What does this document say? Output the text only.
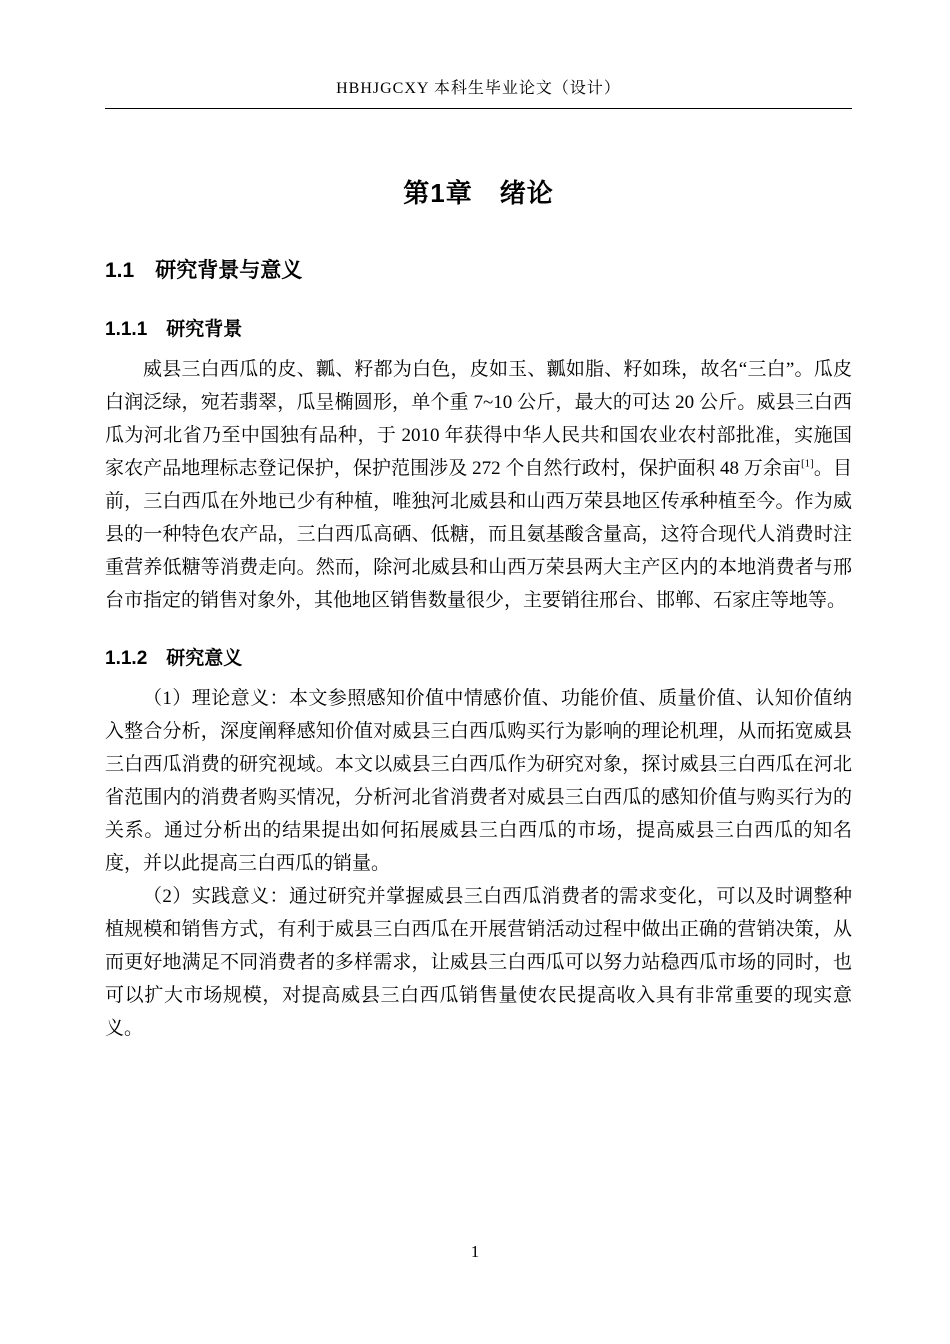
HBHJGCXY 本科生毕业论文（设计）
第1章　绪论
1.1　研究背景与意义
1.1.1　研究背景

威县三白西瓜的皮、瓤、籽都为白色，皮如玉、瓤如脂、籽如珠，故名“三白”。瓜皮白润泛绿，宛若翡翠，瓜呈椭圆形，单个重 7~10 公斤，最大的可达 20 公斤。威县三白西瓜为河北省乃至中国独有品种，于 2010 年获得中华人民共和国农业农村部批准，实施国家农产品地理标志登记保护，保护范围涉及 272 个自然行政村，保护面积 48 万余亩[1]。目前，三白西瓜在外地已少有种植，唯独河北威县和山西万荣县地区传承种植至今。作为威县的一种特色农产品，三白西瓜高硒、低糖，而且氨基酸含量高，这符合现代人消费时注重营养低糖等消费走向。然而，除河北威县和山西万荣县两大主产区内的本地消费者与邢台市指定的销售对象外，其他地区销售数量很少，主要销往邢台、邯郸、石家庄等地等。

1.1.2　研究意义

（1）理论意义：本文参照感知价值中情感价值、功能价值、质量价值、认知价值纳入整合分析，深度阐释感知价值对威县三白西瓜购买行为影响的理论机理，从而拓宽威县三白西瓜消费的研究视域。本文以威县三白西瓜作为研究对象，探讨威县三白西瓜在河北省范围内的消费者购买情况，分析河北省消费者对威县三白西瓜的感知价值与购买行为的关系。通过分析出的结果提出如何拓展威县三白西瓜的市场，提高威县三白西瓜的知名度，并以此提高三白西瓜的销量。

（2）实践意义：通过研究并掌握威县三白西瓜消费者的需求变化，可以及时调整种植规模和销售方式，有利于威县三白西瓜在开展营销活动过程中做出正确的营销决策，从而更好地满足不同消费者的多样需求，让威县三白西瓜可以努力站稳西瓜市场的同时，也可以扩大市场规模，对提高威县三白西瓜销售量使农民提高收入具有非常重要的现实意义。

1
